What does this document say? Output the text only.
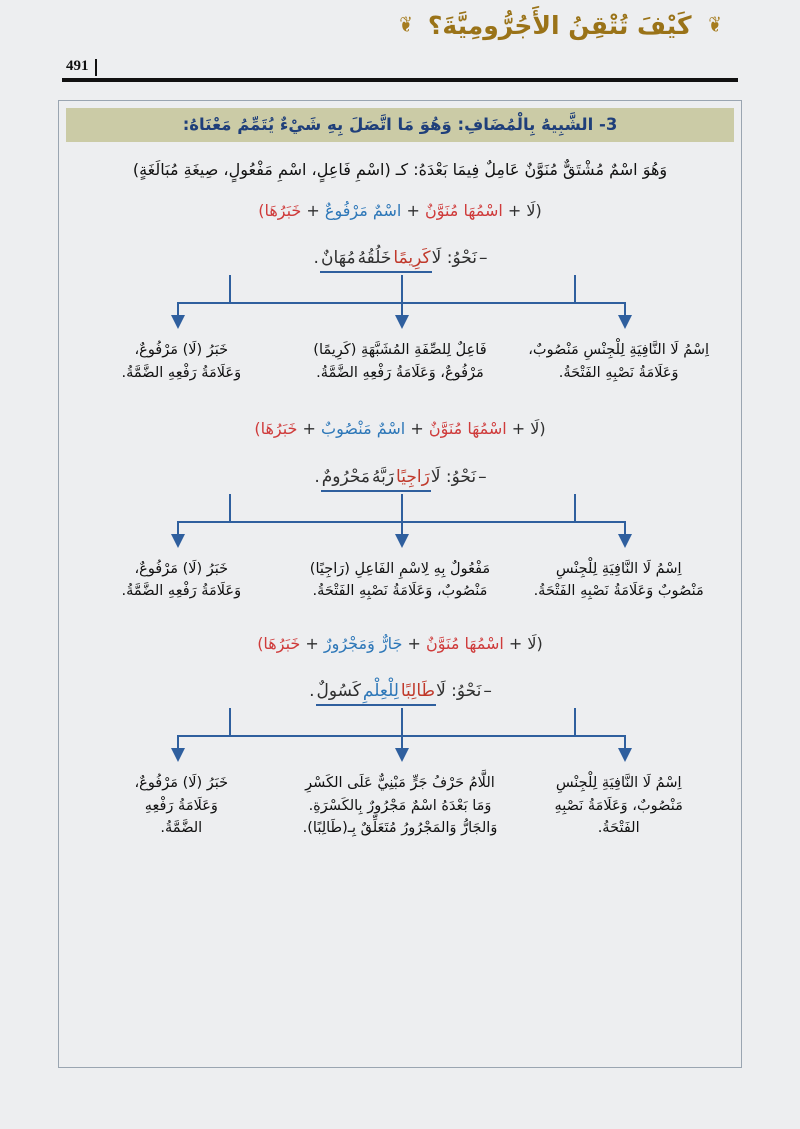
❦
كَيْفَ تُتْقِنُ الأَجُرُّومِيَّةَ؟
❦
491
3- الشَّبِيهُ بِالْمُضَافِ: وَهُوَ مَا اتَّصَلَ بِهِ شَيْءٌ يُتَمِّمُ مَعْنَاهُ:
وَهُوَ اسْمٌ مُشْتَقٌّ مُنَوَّنٌ عَامِلٌ فِيمَا بَعْدَهُ: كـ (اسْمِ فَاعِلٍ، اسْمِ مَفْعُولٍ، صِيغَةِ مُبَالَغَةٍ)
(لَا + اسْمُهَا مُنَوَّنٌ + اسْمٌ مَرْفُوعٌ + خَبَرُهَا)
–
نَحْوُ: لَا
كَرِيمًا
خَلُقُهُ
مُهَانٌ
.
اِسْمُ لَا النَّافِيَةِ لِلْجِنْسِ مَنْصُوبٌ،
وَعَلَامَةُ نَصْبِهِ الفَتْحَةُ.
فَاعِلٌ لِلصِّفَةِ المُشَبَّهَةِ (كَرِيمًا)
مَرْفُوعٌ، وَعَلَامَةُ رَفْعِهِ الضَّمَّةُ.
خَبَرُ (لَا) مَرْفُوعٌ،
وَعَلَامَةُ رَفْعِهِ الضَّمَّةُ.
(لَا + اسْمُهَا مُنَوَّنٌ + اسْمٌ مَنْصُوبٌ + خَبَرُهَا)
–
نَحْوُ: لَا
رَاجِيًا
رَبَّهُ
مَحْرُومٌ
.
اِسْمُ لَا النَّافِيَةِ لِلْجِنْسِ
مَنْصُوبٌ وَعَلَامَةُ نَصْبِهِ الفَتْحَةُ.
مَفْعُولٌ بِهِ لِاسْمِ الفَاعِلِ (رَاجِيًا)
مَنْصُوبٌ، وَعَلَامَةُ نَصْبِهِ الفَتْحَةُ.
خَبَرُ (لَا) مَرْفُوعٌ،
وَعَلَامَةُ رَفْعِهِ الضَّمَّةُ.
(لَا + اسْمُهَا مُنَوَّنٌ + جَارٌّ وَمَجْرُورٌ + خَبَرُهَا)
–
نَحْوُ: لَا
طَالِبًا
لِلْعِلْمِ
كَسُولٌ
.
اِسْمُ لَا النَّافِيَةِ لِلْجِنْسِ
مَنْصُوبٌ، وَعَلَامَةُ نَصْبِهِ
الفَتْحَةُ.
اللَّامُ حَرْفُ جَرٍّ مَبْنِيٌّ عَلَى الكَسْرِ
وَمَا بَعْدَهُ اسْمٌ مَجْرُورٌ بِالكَسْرَةِ.
وَالجَارُّ وَالمَجْرُورُ مُتَعَلِّقٌ بِـ(طَالِبًا).
خَبَرُ (لَا) مَرْفُوعٌ،
وَعَلَامَةُ رَفْعِهِ
الضَّمَّةُ.
